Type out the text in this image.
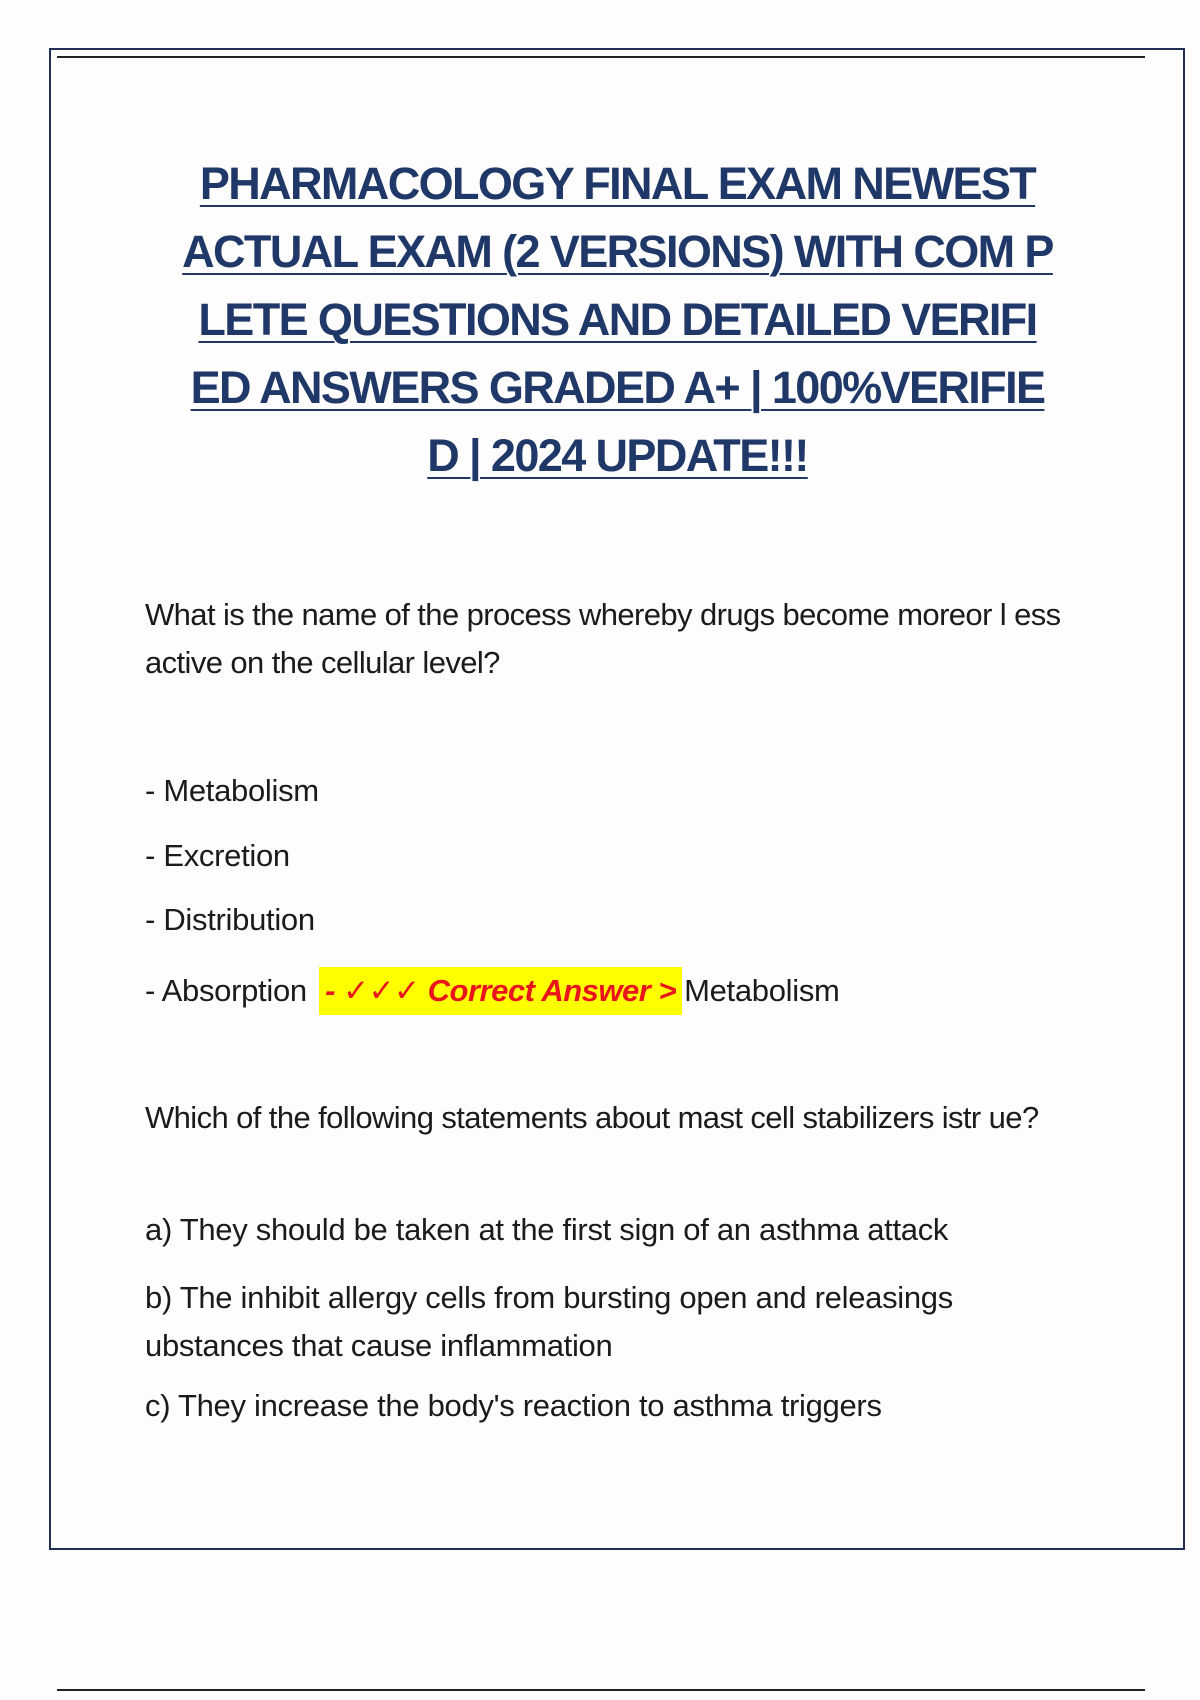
PHARMACOLOGY FINAL EXAM NEWEST ACTUAL EXAM (2 VERSIONS) WITH COM PLETE QUESTIONS AND DETAILED VERIFI ED ANSWERS GRADED A+ | 100%VERIFIE D | 2024 UPDATE!!!

What is the name of the process whereby drugs become moreor l ess active on the cellular level?

- Metabolism
- Excretion
- Distribution
- Absorption - ✓✓✓ Correct Answer > Metabolism

Which of the following statements about mast cell stabilizers istr ue?

a) They should be taken at the first sign of an asthma attack
b) The inhibit allergy cells from bursting open and releasings ubstances that cause inflammation
c) They increase the body's reaction to asthma triggers
